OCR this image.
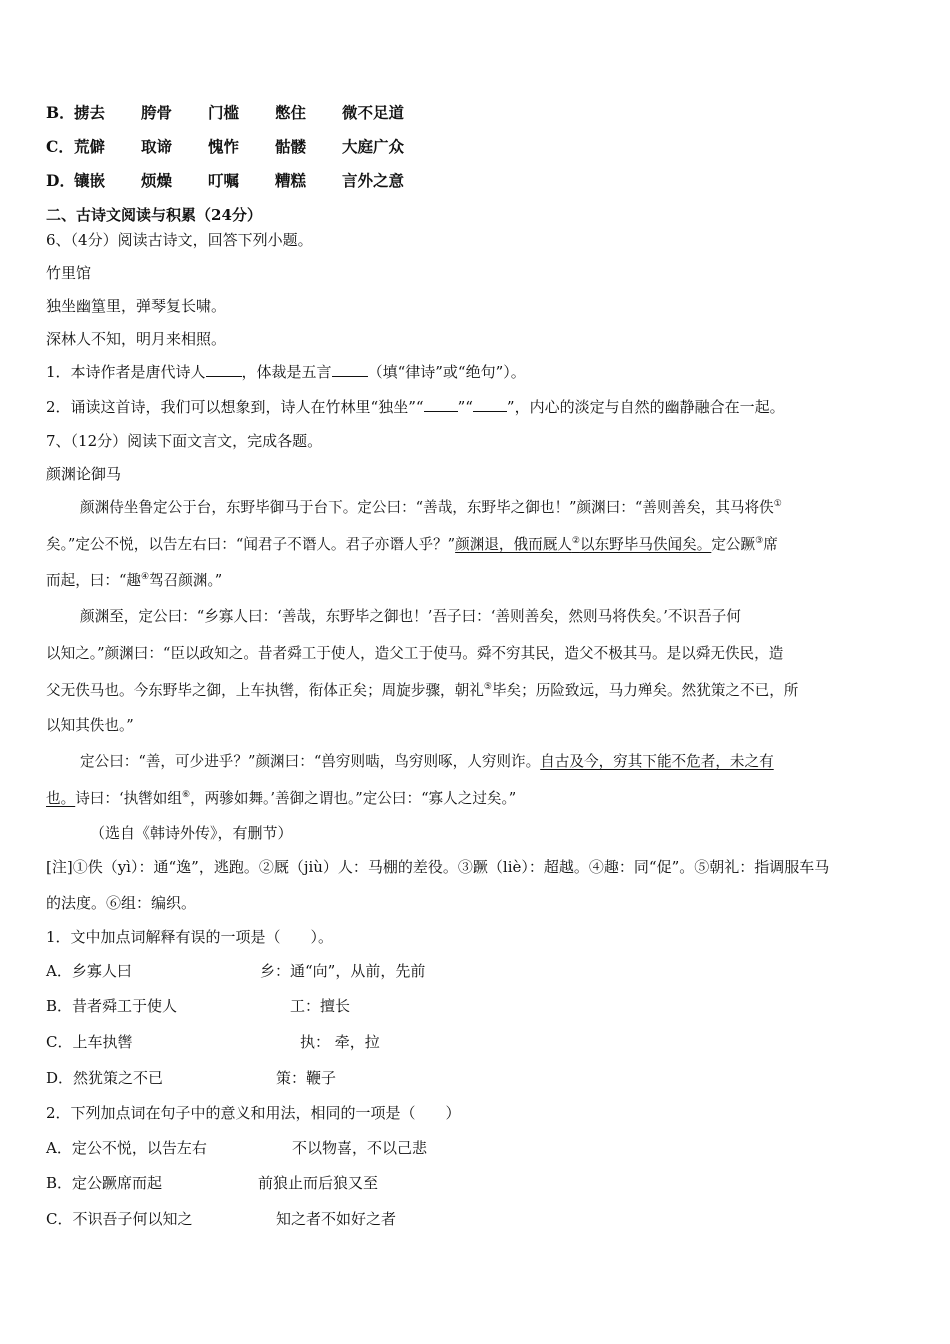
B．掳去 胯骨 门槛 憋住 微不足道
C．荒僻 取谛 愧怍 骷髅 大庭广众
D．镶嵌 烦燥 叮嘱 糟糕 言外之意
二、古诗文阅读与积累（24分）
6、（4分）阅读古诗文，回答下列小题。
竹里馆
独坐幽篁里，弹琴复长啸。
深林人不知，明月来相照。
1．本诗作者是唐代诗人 ，体裁是五言 （填“律诗”或“绝句”）。
2．诵读这首诗，我们可以想象到，诗人在竹林里“独坐”“ ”“ ”，内心的淡定与自然的幽静融合在一起。
7、（12分）阅读下面文言文，完成各题。
颜渊论御马
颜渊侍坐鲁定公于台，东野毕御马于台下。定公曰：“善哉，东野毕之御也！”颜渊曰：“善则善矣，其马将佚①
矣。”定公不悦，以告左右曰：“闻君子不谮人。君子亦谮人乎？”颜渊退，俄而厩人②以东野毕马佚闻矣。定公蹶③席
而起，曰：“趣④驾召颜渊。”
颜渊至，定公曰：“乡寡人曰：‘善哉，东野毕之御也！’吾子曰：‘善则善矣，然则马将佚矣。’不识吾子何
以知之。”颜渊曰：“臣以政知之。昔者舜工于使人，造父工于使马。舜不穷其民，造父不极其马。是以舜无佚民，造
父无佚马也。今东野毕之御，上车执辔，衔体正矣；周旋步骤，朝礼⑤毕矣；历险致远，马力殚矣。然犹策之不已，所
以知其佚也。”
定公曰：“善，可少进乎？”颜渊曰：“兽穷则啮，鸟穷则啄，人穷则诈。自古及今，穷其下能不危者，未之有
也。诗曰：‘执辔如组⑥，两骖如舞。’善御之谓也。”定公曰：“寡人之过矣。”
（选自《韩诗外传》，有删节）
[注]①佚（yì）：通“逸”，逃跑。②厩（jiù）人：马棚的差役。③蹶（liè）：超越。④趣：同“促”。⑤朝礼：指调服车马
的法度。⑥组：编织。
1．文中加点词解释有误的一项是（　　）。
A．乡寡人曰	乡：通“向”，从前，先前
B．昔者舜工于使人	工：擅长
C．上车执辔	执： 牵，拉
D．然犹策之不已	策：鞭子
2．下列加点词在句子中的意义和用法，相同的一项是（　　）
A．定公不悦，以告左右	不以物喜，不以己悲
B．定公蹶席而起	前狼止而后狼又至
C．不识吾子何以知之	知之者不如好之者
